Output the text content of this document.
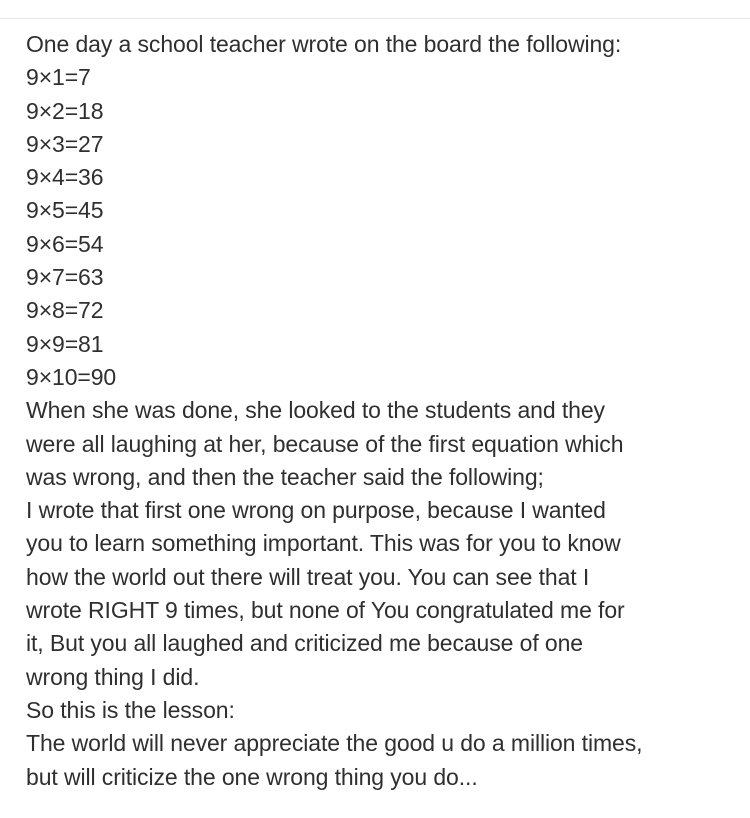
One day a school teacher wrote on the board the following:
9×1=7
9×2=18
9×3=27
9×4=36
9×5=45
9×6=54
9×7=63
9×8=72
9×9=81
9×10=90
When she was done, she looked to the students and they
were all laughing at her, because of the first equation which
was wrong, and then the teacher said the following;
I wrote that first one wrong on purpose, because I wanted
you to learn something important. This was for you to know
how the world out there will treat you. You can see that I
wrote RIGHT 9 times, but none of You congratulated me for
it, But you all laughed and criticized me because of one
wrong thing I did.
So this is the lesson:
The world will never appreciate the good u do a million times,
but will criticize the one wrong thing you do...
